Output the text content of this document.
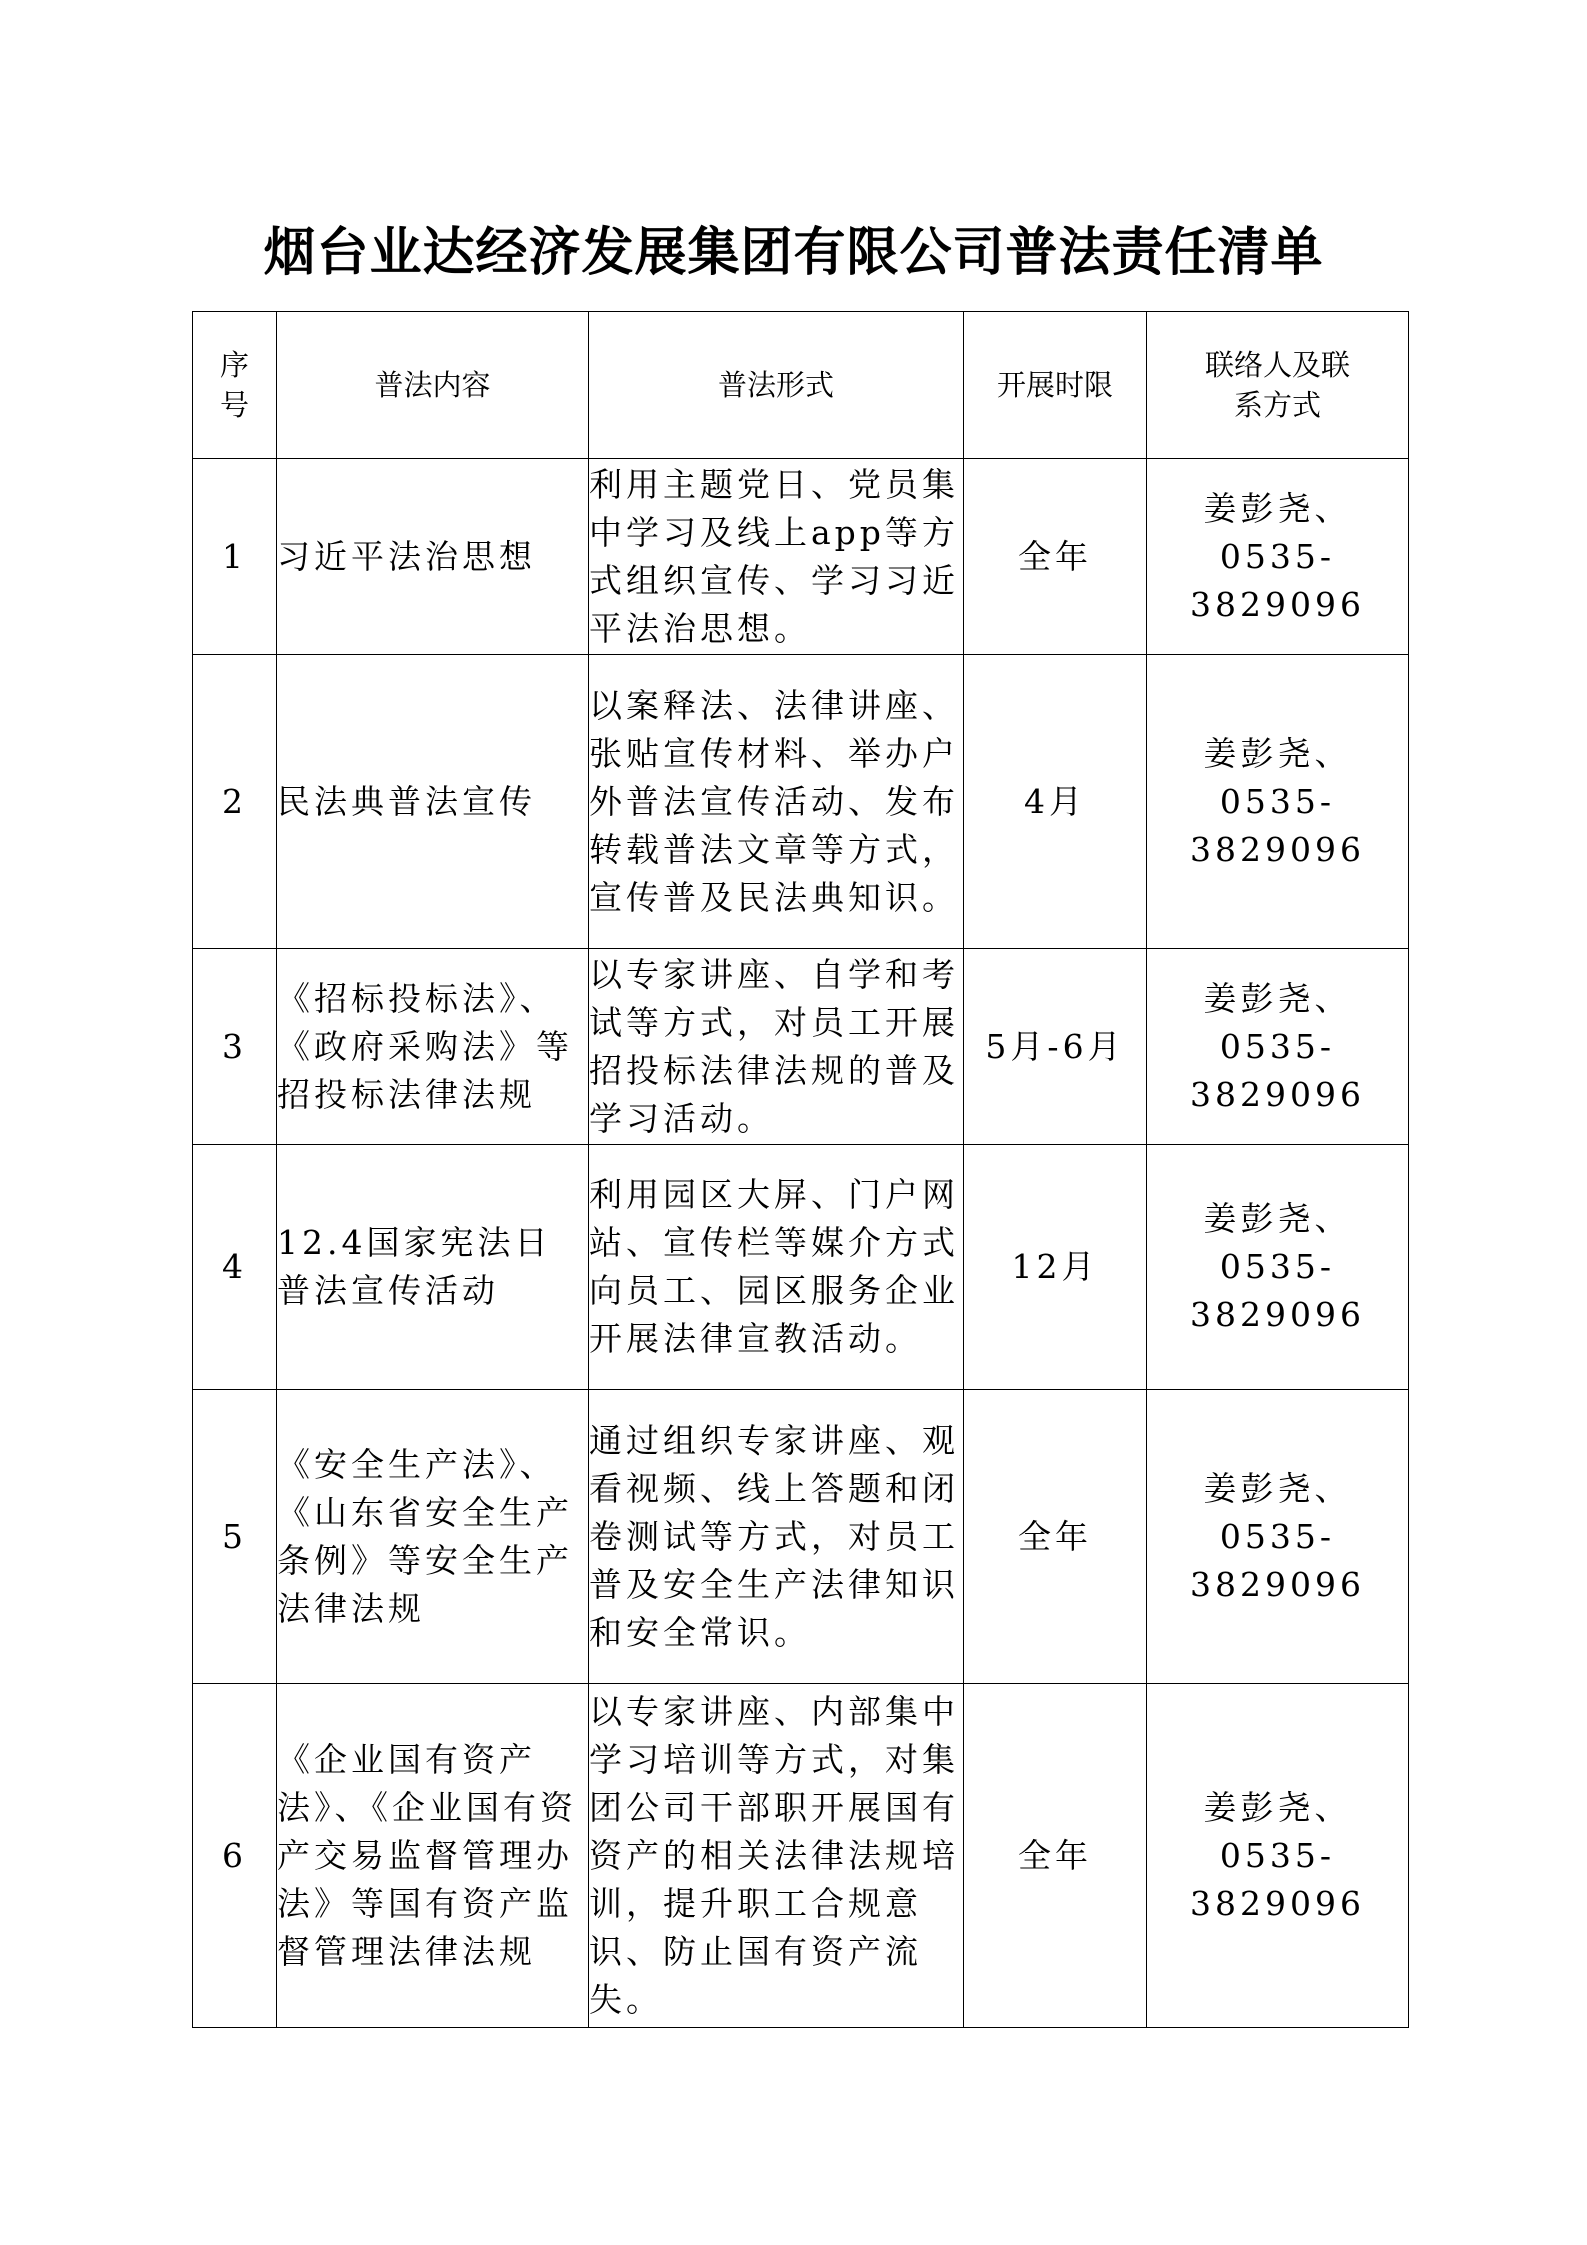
烟台业达经济发展集团有限公司普法责任清单
序号	普法内容	普法形式	开展时限	联络人及联系方式

1	习近平法治思想	利用主题党日、党员集中学习及线上app等方式组织宣传、学习习近平法治思想。	全年	姜彭尧、
0535-3829096

2	民法典普法宣传	以案释法、法律讲座、张贴宣传材料、举办户外普法宣传活动、发布转载普法文章等方式，宣传普及民法典知识。	4月	姜彭尧、
0535-3829096

3	《招标投标法》、《政府采购法》等招投标法律法规	以专家讲座、自学和考试等方式，对员工开展招投标法律法规的普及学习活动。	5月-6月	姜彭尧、
0535-3829096

4	12.4国家宪法日普法宣传活动	利用园区大屏、门户网站、宣传栏等媒介方式向员工、园区服务企业开展法律宣教活动。	12月	姜彭尧、
0535-3829096

5	《安全生产法》、《山东省安全生产条例》等安全生产法律法规	通过组织专家讲座、观看视频、线上答题和闭卷测试等方式，对员工普及安全生产法律知识和安全常识。	全年	姜彭尧、
0535-3829096

6	《企业国有资产法》、《企业国有资产交易监督管理办法》等国有资产监督管理法律法规	以专家讲座、内部集中学习培训等方式，对集团公司干部职开展国有资产的相关法律法规培训，提升职工合规意识、防止国有资产流失。	全年	姜彭尧、
0535-3829096
